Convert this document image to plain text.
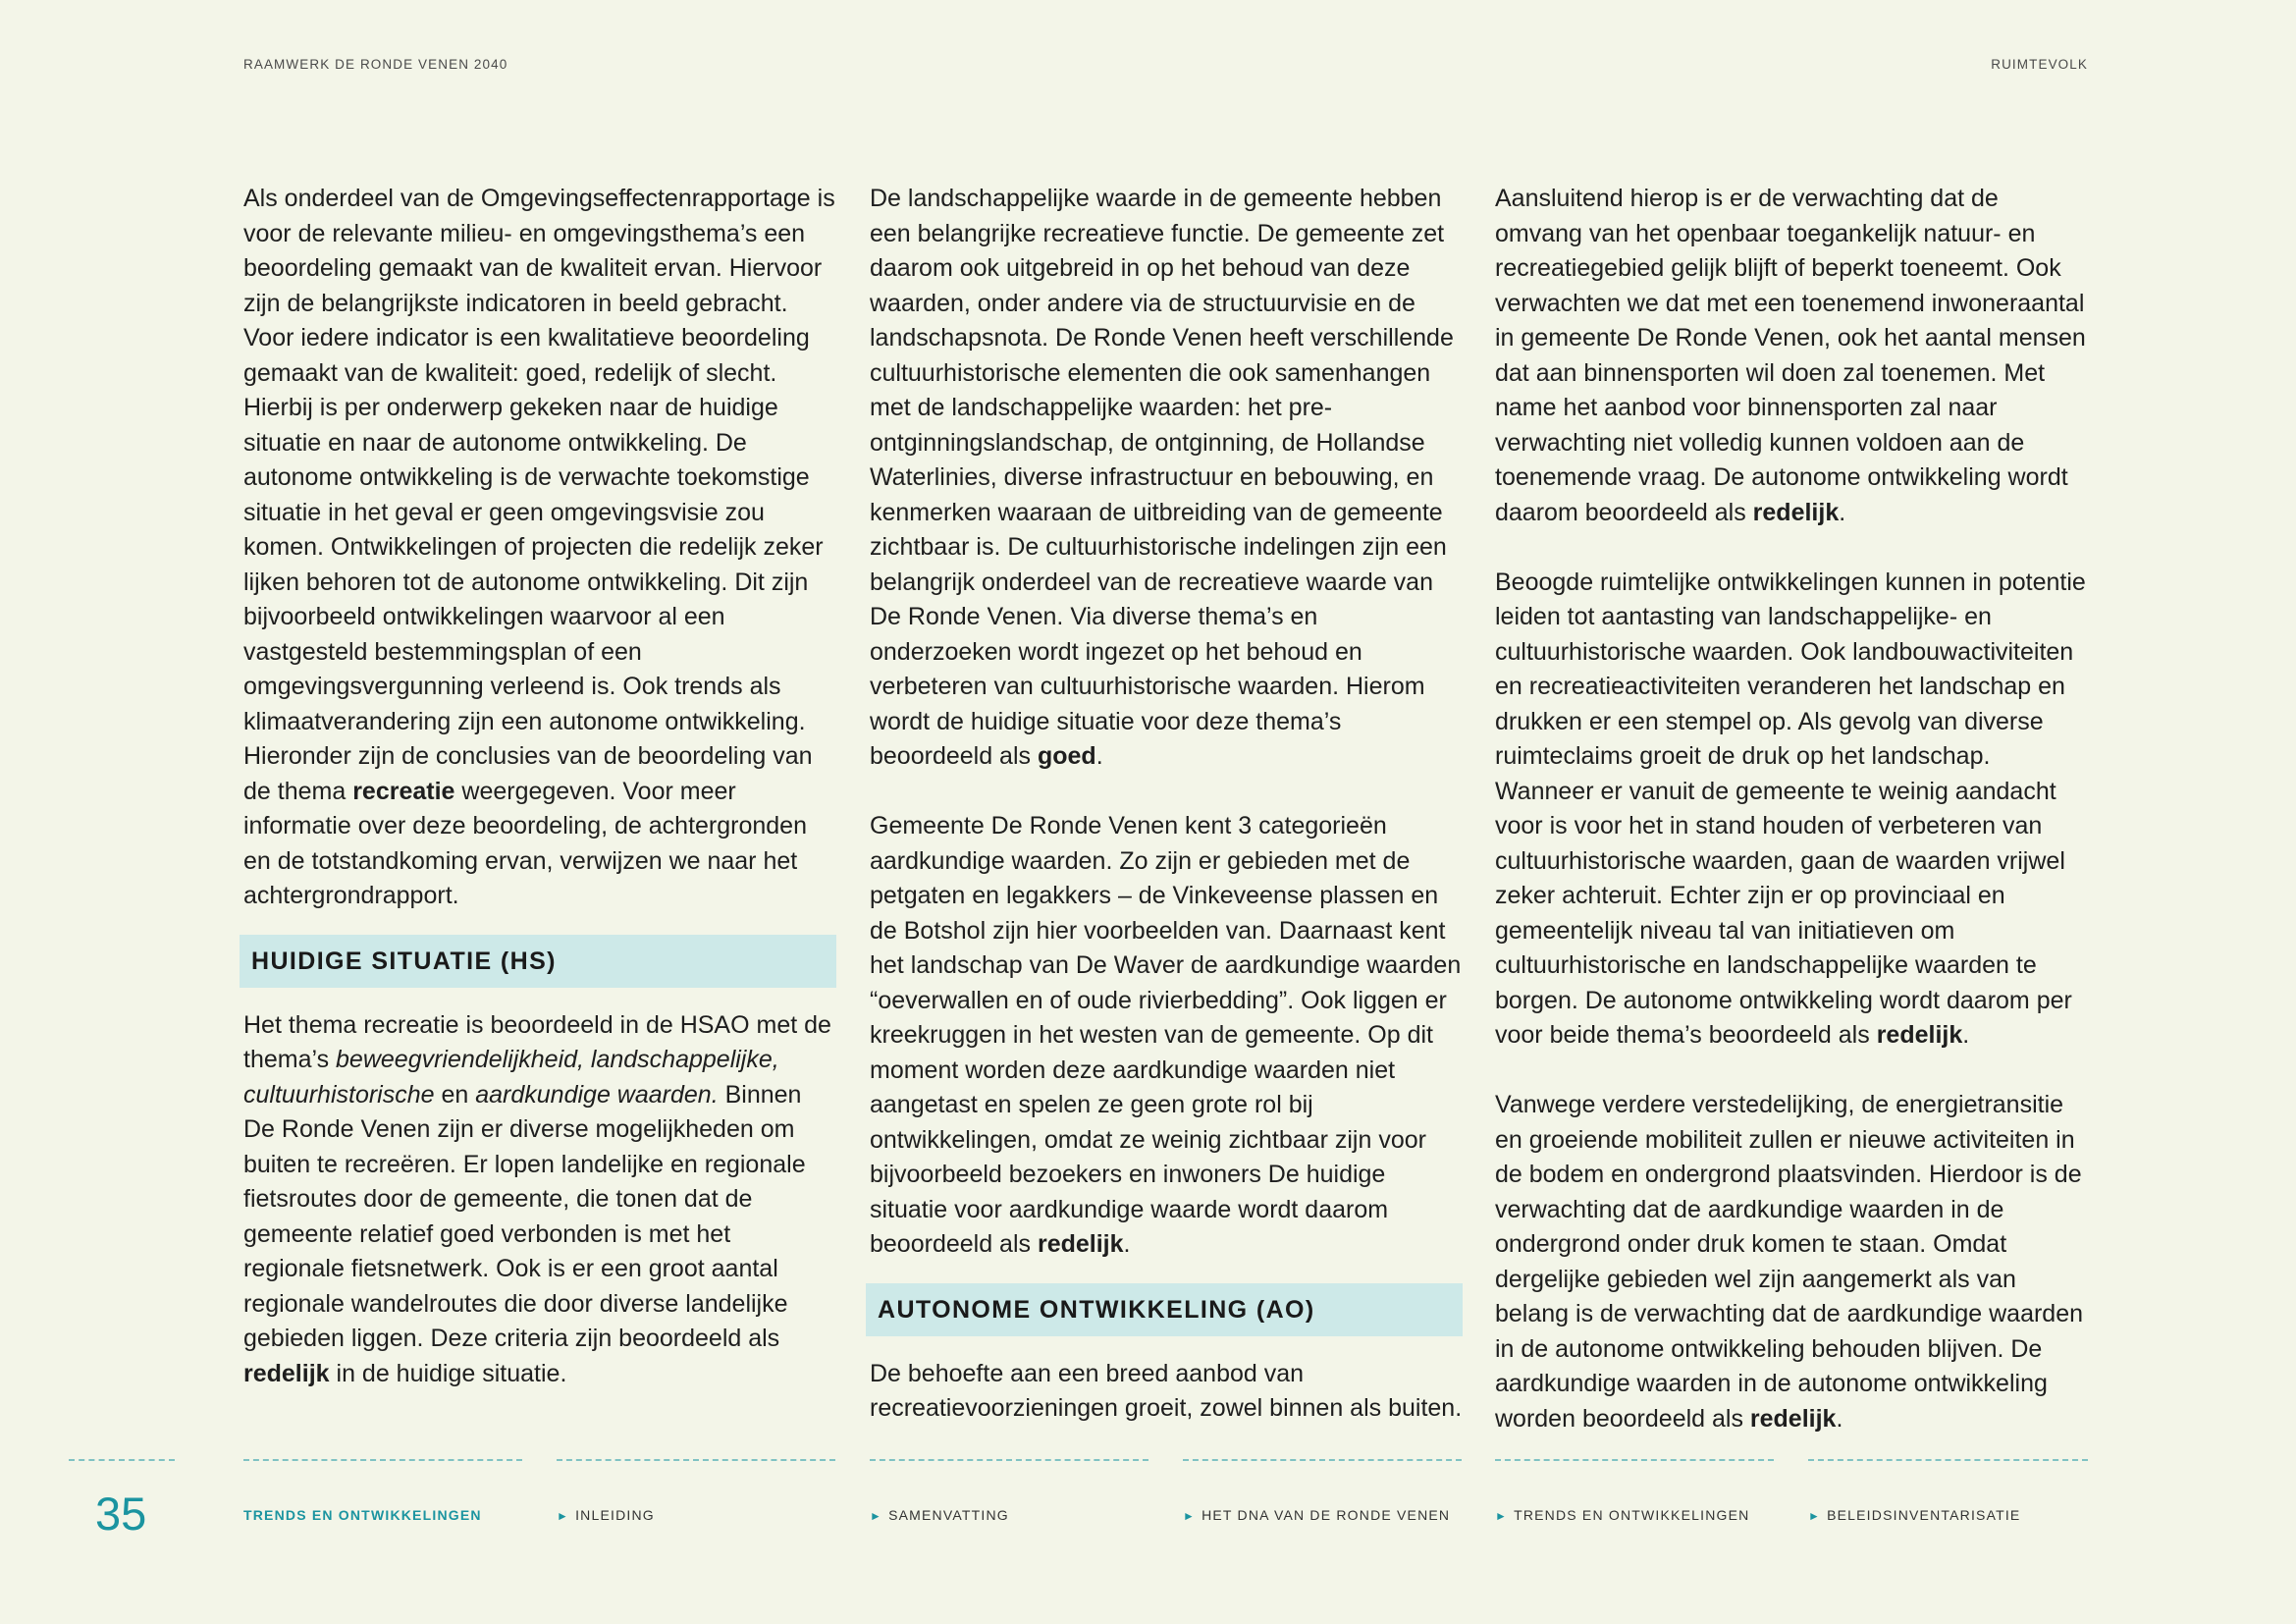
RAAMWERK DE RONDE VENEN 2040	RUIMTEVOLK

Als onderdeel van de Omgevingseffectenrapportage is voor de relevante milieu- en omgevingsthema’s een beoordeling gemaakt van de kwaliteit ervan. Hiervoor zijn de belangrijkste indicatoren in beeld gebracht. Voor iedere indicator is een kwalitatieve beoordeling gemaakt van de kwaliteit: goed, redelijk of slecht. Hierbij is per onderwerp gekeken naar de huidige situatie en naar de autonome ontwikkeling. De autonome ontwikkeling is de verwachte toekomstige situatie in het geval er geen omgevingsvisie zou komen. Ontwikkelingen of projecten die redelijk zeker lijken behoren tot de autonome ontwikkeling. Dit zijn bijvoorbeeld ontwikkelingen waarvoor al een vastgesteld bestemmingsplan of een omgevingsvergunning verleend is. Ook trends als klimaatverandering zijn een autonome ontwikkeling. Hieronder zijn de conclusies van de beoordeling van de thema recreatie weergegeven. Voor meer informatie over deze beoordeling, de achtergronden en de totstandkoming ervan, verwijzen we naar het achtergrondrapport.

HUIDIGE SITUATIE (HS)

Het thema recreatie is beoordeeld in de HSAO met de thema’s beweegvriendelijkheid, landschappelijke, cultuurhistorische en aardkundige waarden. Binnen De Ronde Venen zijn er diverse mogelijkheden om buiten te recreëren. Er lopen landelijke en regionale fietsroutes door de gemeente, die tonen dat de gemeente relatief goed verbonden is met het regionale fietsnetwerk. Ook is er een groot aantal regionale wandelroutes die door diverse landelijke gebieden liggen. Deze criteria zijn beoordeeld als redelijk in de huidige situatie.

De landschappelijke waarde in de gemeente hebben een belangrijke recreatieve functie. De gemeente zet daarom ook uitgebreid in op het behoud van deze waarden, onder andere via de structuurvisie en de landschapsnota. De Ronde Venen heeft verschillende cultuurhistorische elementen die ook samenhangen met de landschappelijke waarden: het pre-ontginningslandschap, de ontginning, de Hollandse Waterlinies, diverse infrastructuur en bebouwing, en kenmerken waaraan de uitbreiding van de gemeente zichtbaar is. De cultuurhistorische indelingen zijn een belangrijk onderdeel van de recreatieve waarde van De Ronde Venen. Via diverse thema’s en onderzoeken wordt ingezet op het behoud en verbeteren van cultuurhistorische waarden. Hierom wordt de huidige situatie voor deze thema’s beoordeeld als goed.

Gemeente De Ronde Venen kent 3 categorieën aardkundige waarden. Zo zijn er gebieden met de petgaten en legakkers – de Vinkeveense plassen en de Botshol zijn hier voorbeelden van. Daarnaast kent het landschap van De Waver de aardkundige waarden “oeverwallen en of oude rivierbedding”. Ook liggen er kreekruggen in het westen van de gemeente. Op dit moment worden deze aardkundige waarden niet aangetast en spelen ze geen grote rol bij ontwikkelingen, omdat ze weinig zichtbaar zijn voor bijvoorbeeld bezoekers en inwoners De huidige situatie voor aardkundige waarde wordt daarom beoordeeld als redelijk.

AUTONOME ONTWIKKELING (AO)

De behoefte aan een breed aanbod van recreatievoorzieningen groeit, zowel binnen als buiten.

Aansluitend hierop is er de verwachting dat de omvang van het openbaar toegankelijk natuur- en recreatiegebied gelijk blijft of beperkt toeneemt. Ook verwachten we dat met een toenemend inwoneraantal in gemeente De Ronde Venen, ook het aantal mensen dat aan binnensporten wil doen zal toenemen. Met name het aanbod voor binnensporten zal naar verwachting niet volledig kunnen voldoen aan de toenemende vraag. De autonome ontwikkeling wordt daarom beoordeeld als redelijk.

Beoogde ruimtelijke ontwikkelingen kunnen in potentie leiden tot aantasting van landschappelijke- en cultuurhistorische waarden. Ook landbouwactiviteiten en recreatieactiviteiten veranderen het landschap en drukken er een stempel op. Als gevolg van diverse ruimteclaims groeit de druk op het landschap. Wanneer er vanuit de gemeente te weinig aandacht voor is voor het in stand houden of verbeteren van cultuurhistorische waarden, gaan de waarden vrijwel zeker achteruit. Echter zijn er op provinciaal en gemeentelijk niveau tal van initiatieven om cultuurhistorische en landschappelijke waarden te borgen. De autonome ontwikkeling wordt daarom per voor beide thema’s beoordeeld als redelijk.

Vanwege verdere verstedelijking, de energietransitie en groeiende mobiliteit zullen er nieuwe activiteiten in de bodem en ondergrond plaatsvinden. Hierdoor is de verwachting dat de aardkundige waarden in de ondergrond onder druk komen te staan. Omdat dergelijke gebieden wel zijn aangemerkt als van belang is de verwachting dat de aardkundige waarden in de autonome ontwikkeling behouden blijven. De aardkundige waarden in de autonome ontwikkeling worden beoordeeld als redelijk.

35	TRENDS EN ONTWIKKELINGEN	► INLEIDING	► SAMENVATTING	► HET DNA VAN DE RONDE VENEN	► TRENDS EN ONTWIKKELINGEN	► BELEIDSINVENTARISATIE
